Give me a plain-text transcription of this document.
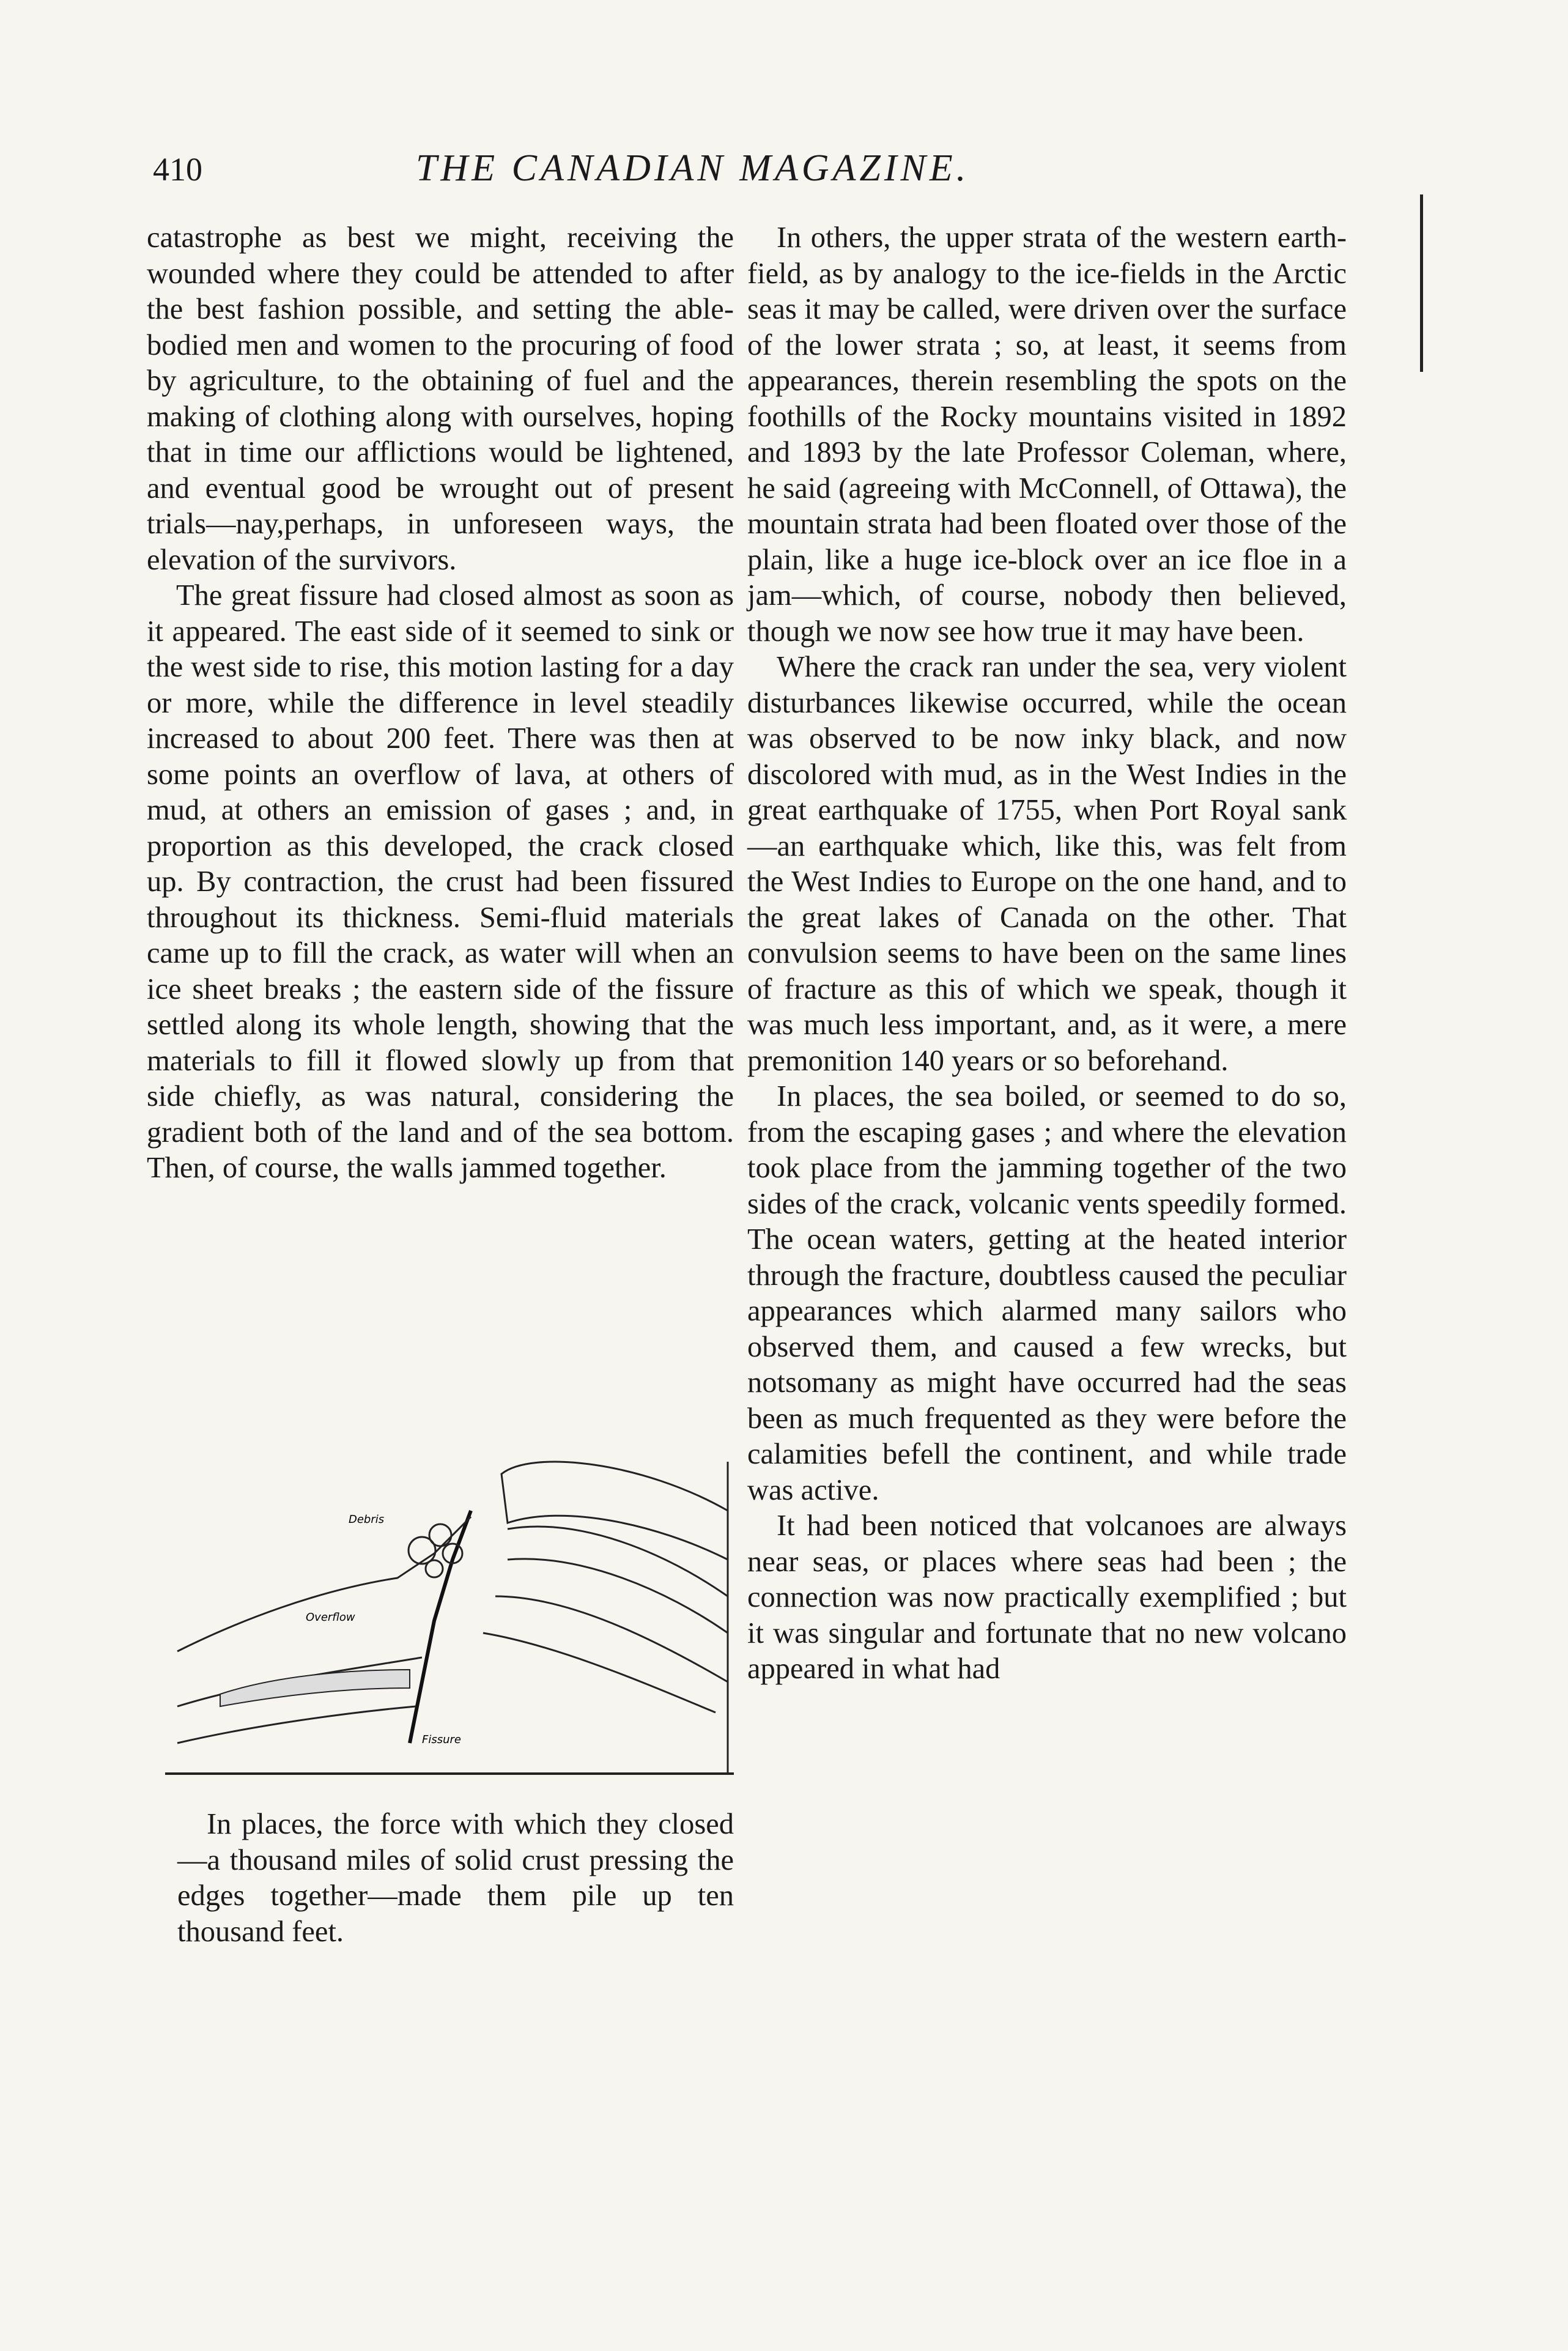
410	THE CANADIAN MAGAZINE.

catastrophe as best we might, receiving the wounded where they could be attended to after the best fashion possible, and setting the able-bodied men and women to the procuring of food by agriculture, to the obtaining of fuel and the making of clothing along with ourselves, hoping that in time our afflictions would be lightened, and eventual good be wrought out of present trials—nay,perhaps, in unforeseen ways, the elevation of the survivors.

The great fissure had closed almost as soon as it appeared. The east side of it seemed to sink or the west side to rise, this motion lasting for a day or more, while the difference in level steadily increased to about 200 feet. There was then at some points an overflow of lava, at others of mud, at others an emission of gases ; and, in proportion as this developed, the crack closed up. By contraction, the crust had been fissured throughout its thickness. Semi-fluid materials came up to fill the crack, as water will when an ice sheet breaks ; the eastern side of the fissure settled along its whole length, showing that the materials to fill it flowed slowly up from that side chiefly, as was natural, considering the gradient both of the land and of the sea bottom. Then, of course, the walls jammed together.

Debris
Overflow
Fissure

In places, the force with which they closed—a thousand miles of solid crust pressing the edges together—made them pile up ten thousand feet.

In others, the upper strata of the western earth-field, as by analogy to the ice-fields in the Arctic seas it may be called, were driven over the surface of the lower strata ; so, at least, it seems from appearances, therein resembling the spots on the foothills of the Rocky mountains visited in 1892 and 1893 by the late Professor Coleman, where, he said (agreeing with McConnell, of Ottawa), the mountain strata had been floated over those of the plain, like a huge ice-block over an ice floe in a jam—which, of course, nobody then believed, though we now see how true it may have been.

Where the crack ran under the sea, very violent disturbances likewise occurred, while the ocean was observed to be now inky black, and now discolored with mud, as in the West Indies in the great earthquake of 1755, when Port Royal sank—an earthquake which, like this, was felt from the West Indies to Europe on the one hand, and to the great lakes of Canada on the other. That convulsion seems to have been on the same lines of fracture as this of which we speak, though it was much less important, and, as it were, a mere premonition 140 years or so beforehand.

In places, the sea boiled, or seemed to do so, from the escaping gases ; and where the elevation took place from the jamming together of the two sides of the crack, volcanic vents speedily formed. The ocean waters, getting at the heated interior through the fracture, doubtless caused the peculiar appearances which alarmed many sailors who observed them, and caused a few wrecks, but notsomany as might have occurred had the seas been as much frequented as they were before the calamities befell the continent, and while trade was active.

It had been noticed that volcanoes are always near seas, or places where seas had been ; the connection was now practically exemplified ; but it was singular and fortunate that no new volcano appeared in what had
